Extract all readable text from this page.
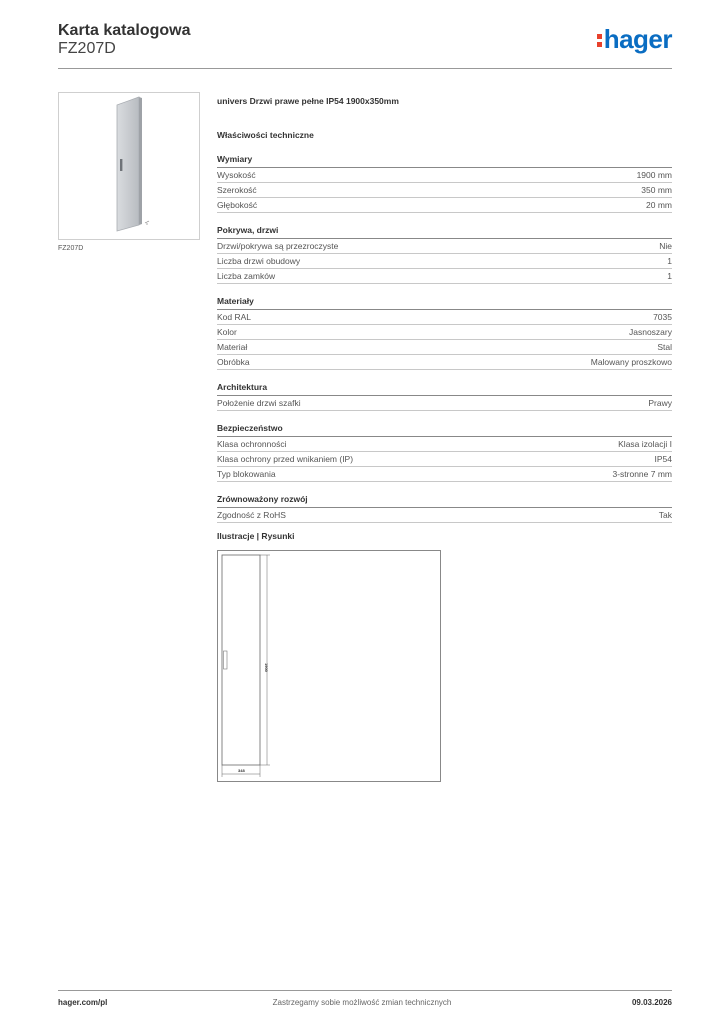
Karta katalogowa
FZ207D	hager
FZ207D
univers Drzwi prawe pełne IP54 1900x350mm
Właściwości techniczne
Wymiary
Wysokość	1900 mm
Szerokość	350 mm
Głębokość	20 mm
Pokrywa, drzwi
Drzwi/pokrywa są przezroczyste	Nie
Liczba drzwi obudowy	1
Liczba zamków	1
Materiały
Kod RAL	7035
Kolor	Jasnoszary
Materiał	Stal
Obróbka	Malowany proszkowo
Architektura
Położenie drzwi szafki	Prawy
Bezpieczeństwo
Klasa ochronności	Klasa izolacji I
Klasa ochrony przed wnikaniem (IP)	IP54
Typ blokowania	3-stronne 7 mm
Zrównoważony rozwój
Zgodność z RoHS	Tak
Ilustracje | Rysunki
1900
348
hager.com/pl	Zastrzegamy sobie możliwość zmian technicznych	09.03.2026
